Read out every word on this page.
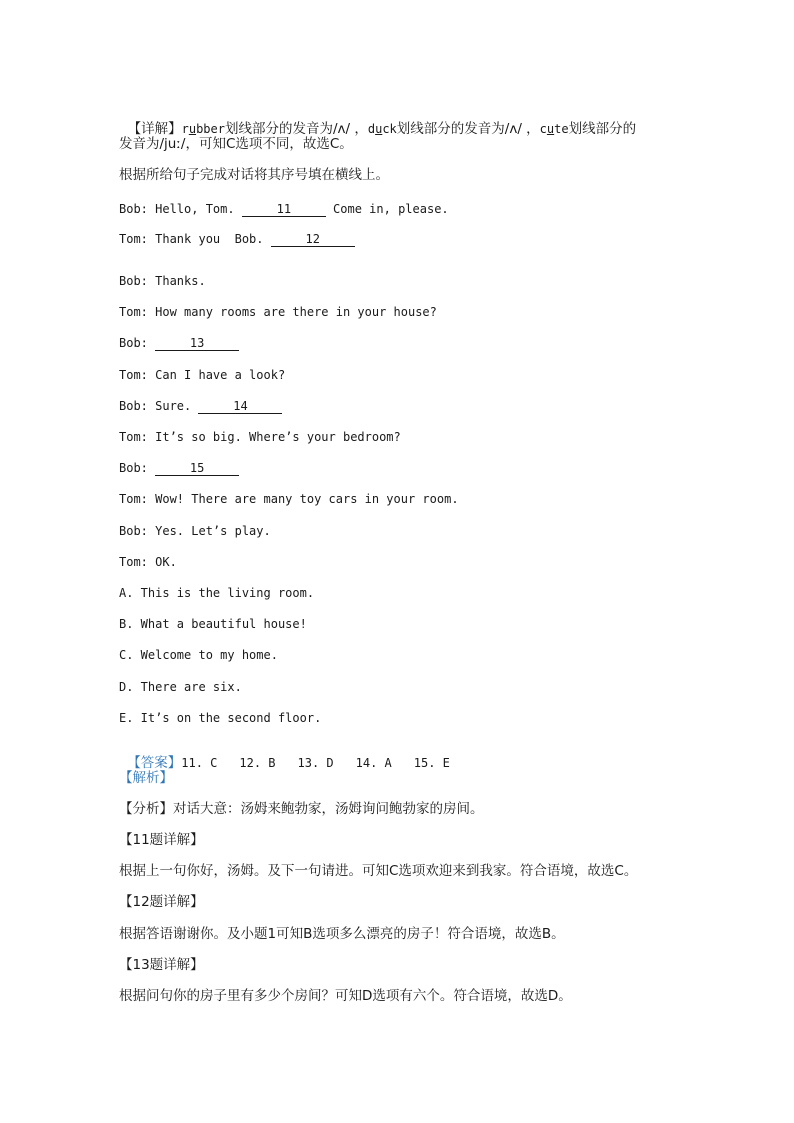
【详解】rubber划线部分的发音为/ʌ/ ，duck划线部分的发音为/ʌ/ ，cute划线部分的

发音为/juː/，可知C选项不同，故选C。
根据所给句子完成对话将其序号填在横线上。
Bob: Hello, Tom.	11	Come in, please.
Tom: Thank you  Bob.	12
Bob: Thanks.
Tom: How many rooms are there in your house?
Bob:	13
Tom: Can I have a look?
Bob: Sure.	14
Tom: It’s so big. Where’s your bedroom?
Bob:	15
Tom: Wow! There are many toy cars in your room.
Bob: Yes. Let’s play.
Tom: OK.
A. This is the living room.
B. What a beautiful house!
C. Welcome to my home.
D. There are six.
E. It’s on the second floor.

【答案】11. C 12. B 13. D 14. A 15. E

【解析】
【分析】对话大意：汤姆来鲍勃家，汤姆询问鲍勃家的房间。
【11题详解】
根据上一句你好，汤姆。及下一句请进。可知C选项欢迎来到我家。符合语境，故选C。
【12题详解】
根据答语谢谢你。及小题1可知B选项多么漂亮的房子！符合语境，故选B。
【13题详解】
根据问句你的房子里有多少个房间？可知D选项有六个。符合语境，故选D。
